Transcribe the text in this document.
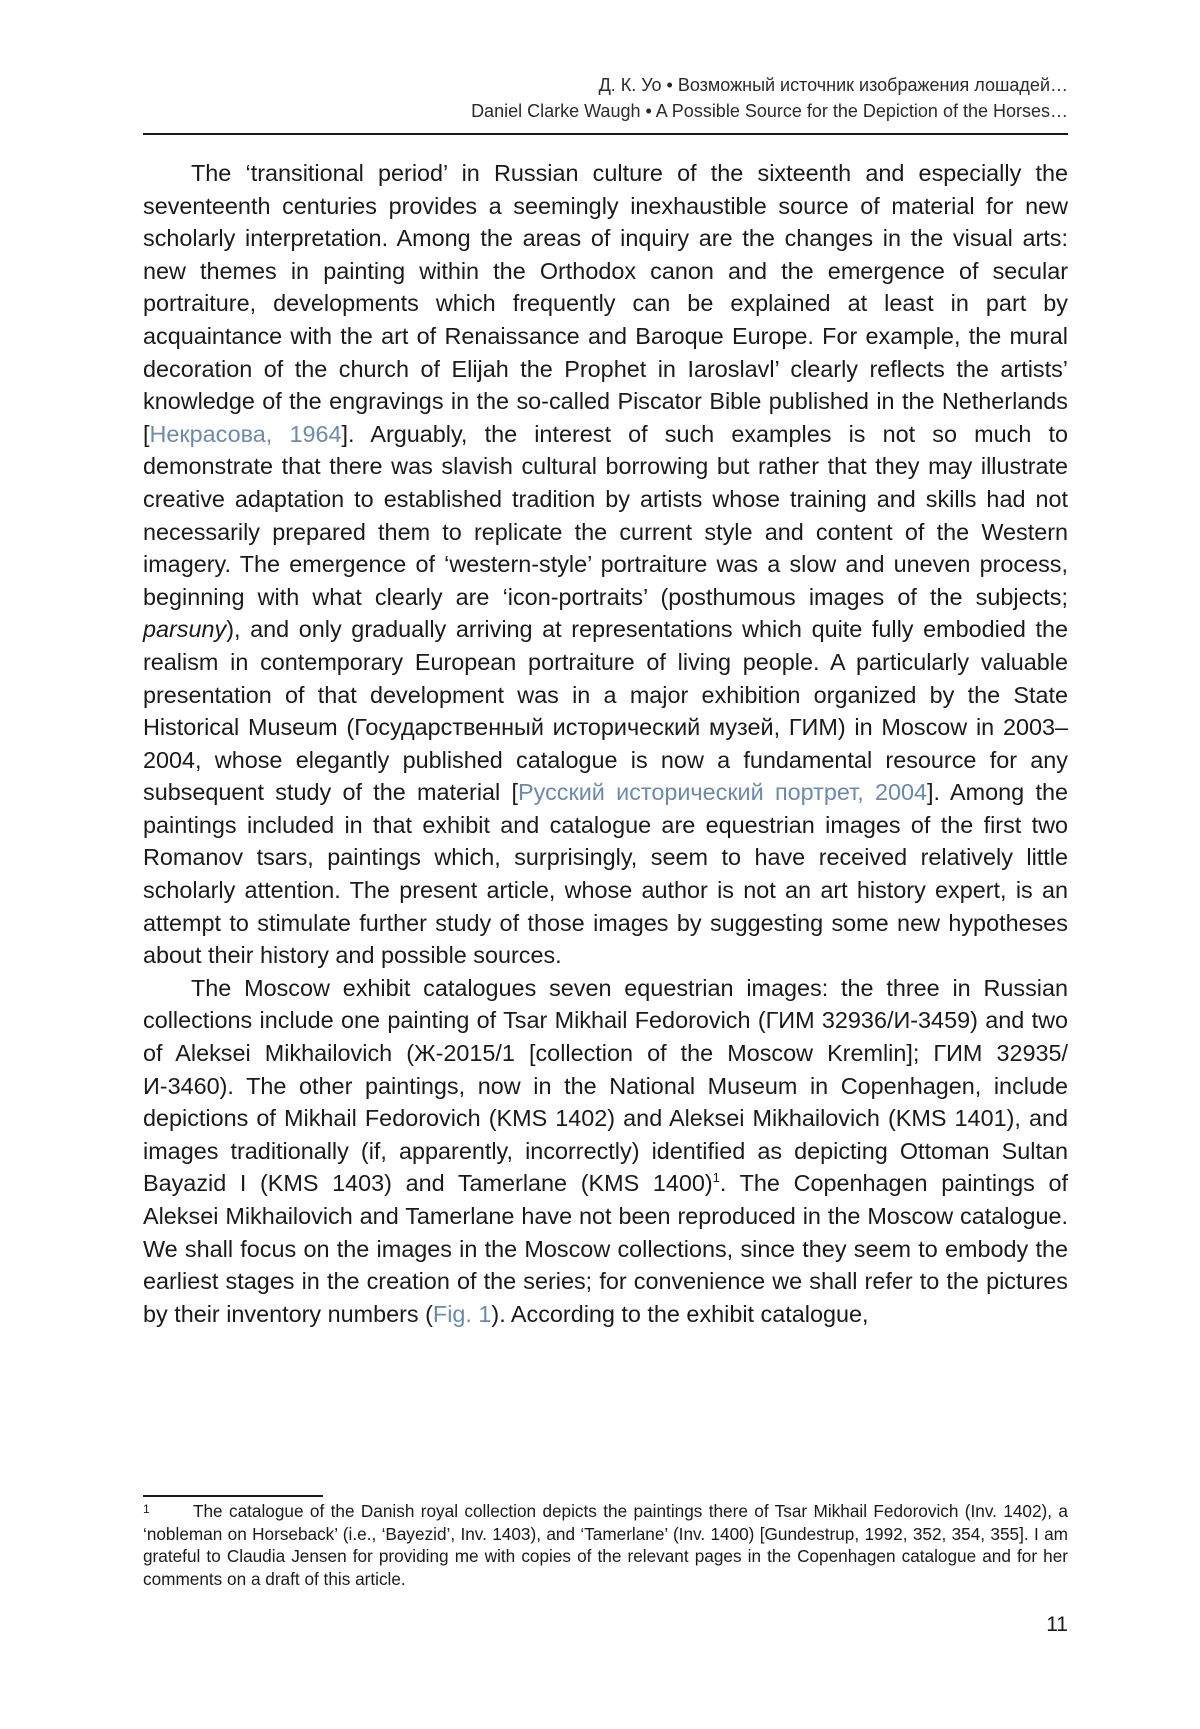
Д. К. Уо • Возможный источник изображения лошадей…
Daniel Clarke Waugh • A Possible Source for the Depiction of the Horses…

The ‘transitional period’ in Russian culture of the sixteenth and especially the seventeenth centuries provides a seemingly inexhaustible source of material for new scholarly interpretation. Among the areas of inquiry are the changes in the visual arts: new themes in painting within the Orthodox canon and the emergence of secular portraiture, developments which frequently can be explained at least in part by acquaintance with the art of Renaissance and Baroque Europe. For example, the mural decoration of the church of Elijah the Prophet in Iaroslavl’ clearly reflects the artists’ knowledge of the engravings in the so-called Piscator Bible published in the Netherlands [Некрасова, 1964]. Arguably, the interest of such examples is not so much to demonstrate that there was slavish cultural borrowing but rather that they may illustrate creative adaptation to established tradition by artists whose training and skills had not necessarily prepared them to replicate the current style and content of the Western imagery. The emergence of ‘western-style’ portraiture was a slow and uneven process, beginning with what clearly are ‘icon-portraits’ (posthumous images of the subjects; parsuny), and only gradually arriving at representations which quite fully embodied the realism in contemporary European portraiture of living people. A particularly valuable presentation of that development was in a major exhibition organized by the State Historical Museum (Государственный исторический музей, ГИМ) in Moscow in 2003–2004, whose elegantly published catalogue is now a fundamental resource for any subsequent study of the material [Русский исторический портрет, 2004]. Among the paintings included in that exhibit and catalogue are equestrian images of the first two Romanov tsars, paintings which, surprisingly, seem to have received relatively little scholarly attention. The present article, whose author is not an art history expert, is an attempt to stimulate further study of those images by suggesting some new hypotheses about their history and possible sources.

The Moscow exhibit catalogues seven equestrian images: the three in Russian collections include one painting of Tsar Mikhail Fedorovich (ГИМ 32936/И-3459) and two of Aleksei Mikhailovich (Ж-2015/1 [collection of the Moscow Kremlin]; ГИМ 32935/И-3460). The other paintings, now in the National Museum in Copenhagen, include depictions of Mikhail Fedorovich (KMS 1402) and Aleksei Mikhailovich (KMS 1401), and images traditionally (if, apparently, incorrectly) identified as depicting Ottoman Sultan Bayazid I (KMS 1403) and Tamerlane (KMS 1400)$^1$. The Copenhagen paintings of Aleksei Mikhailovich and Tamerlane have not been reproduced in the Moscow catalogue. We shall focus on the images in the Moscow collections, since they seem to embody the earliest stages in the creation of the series; for convenience we shall refer to the pictures by their inventory numbers (Fig. 1). According to the exhibit catalogue,

1	The catalogue of the Danish royal collection depicts the paintings there of Tsar Mikhail Fedorovich (Inv. 1402), a ‘nobleman on Horseback’ (i.e., ‘Bayezid’, Inv. 1403), and ‘Tamerlane’ (Inv. 1400) [Gundestrup, 1992, 352, 354, 355]. I am grateful to Claudia Jensen for providing me with copies of the relevant pages in the Copenhagen catalogue and for her comments on a draft of this article.

11
